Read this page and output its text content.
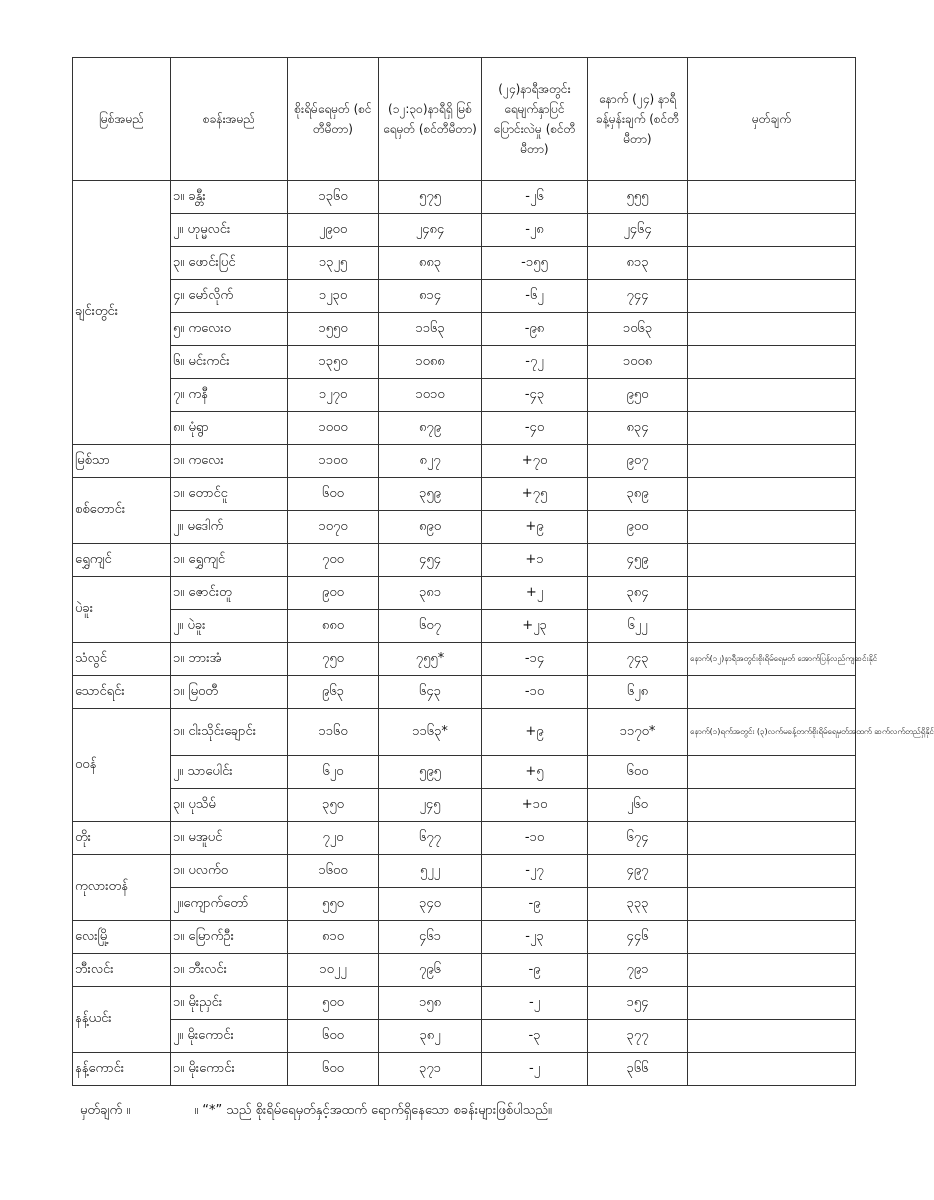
မြစ်အမည်	စခန်းအမည်	စိုးရိမ်ရေမှတ် (စင်တီမီတာ)	(၁၂:၃၀)နာရီရှိ မြစ်ရေမှတ် (စင်တီမီတာ)	(၂၄)နာရီအတွင်း ရေမျက်နှာပြင် ပြောင်းလဲမှု (စင်တီမီတာ)	နောက် (၂၄) နာရီ ခန့်မှန်းချက် (စင်တီမီတာ)	မှတ်ချက်
ချင်းတွင်း	၁။ ခန္တီး	၁၃၆၀	၅၇၅	-၂၆	၅၅၅	
၂။ ဟုမ္မလင်း	၂၉၀၀	၂၄၈၄	-၂၈	၂၄၆၄	
၃။ ဖောင်းပြင်	၁၃၂၅	၈၈၃	-၁၅၅	၈၁၃	
၄။ မော်လိုက်	၁၂၃၀	၈၁၄	-၆၂	၇၄၄	
၅။ ကလေးဝ	၁၅၅၀	၁၁၆၃	-၉၈	၁၀၆၃	
၆။ မင်းကင်း	၁၃၅၀	၁၀၈၈	-၇၂	၁၀၀၈	
၇။ ကနီ	၁၂၇၀	၁၀၁၀	-၄၃	၉၅၀	
၈။ မုံရွာ	၁၀၀၀	၈၇၉	-၄၀	၈၃၄	
မြစ်သာ	၁။ ကလေး	၁၁၀၀	၈၂၇	+၇၀	၉၀၇	
စစ်တောင်း	၁။ တောင်ငူ	၆၀၀	၃၅၉	+၇၅	၃၈၉	
၂။ မဒေါက်	၁၀၇၀	၈၉၀	+၉	၉၀၀	
ရွှေကျင်	၁။ ရွှေကျင်	၇၀၀	၄၅၄	+၁	၄၅၉	
ပဲခူး	၁။ ဇောင်းတူ	၉၀၀	၃၈၁	+၂	၃၈၄	
၂။ ပဲခူး	၈၈၀	၆၀၇	+၂၃	၆၂၂	
သံလွင်	၁။ ဘားအံ	၇၅၀	၇၅၅*	-၁၄	၇၄၃	နောက်(၁၂)နာရီအတွင်းစိုးရိမ်ရေမှတ် အောက်ပြန်လည်ကျဆင်းနိုင်
သောင်ရင်း	၁။ မြဝတီ	၉၆၃	၆၄၃	-၁၀	၆၂၈	
ဝဝန်	၁။ ငါးသိုင်းချောင်း	၁၁၆၀	၁၁၆၃*	+၉	၁၁၇၀*	နောက်(၁)ရက်အတွင်း (၃)လက်မခန့်တက်စိုးရိမ်ရေမှတ်အထက် ဆက်လက်တည်ရှိနိုင်
၂။ သာပေါင်း	၆၂၀	၅၉၅	+၅	၆၀၀	
၃။ ပုသိမ်	၃၅၀	၂၄၅	+၁၀	၂၆၀	
တိုး	၁။ မအူပင်	၇၂၀	၆၇၇	-၁၀	၆၇၄	
ကုလားတန်	၁။ ပလက်ဝ	၁၆၀၀	၅၂၂	-၂၇	၄၉၇	
၂။ကျောက်တော်	၅၅၀	၃၄၀	-၉	၃၃၃	
လေးမြို့	၁။ မြောက်ဦး	၈၁၀	၄၆၁	-၂၃	၄၄၆	
ဘီးလင်း	၁။ ဘီးလင်း	၁၀၂၂	၇၉၆	-၉	၇၉၁	
နန့်ယင်း	၁။ မိုးညှင်း	၅၀၀	၁၅၈	-၂	၁၅၄	
၂။ မိုးကောင်း	၆၀၀	၃၈၂	-၃	၃၇၇	
နန့်ကောင်း	၁။ မိုးကောင်း	၆၀၀	၃၇၁	-၂	၃၆၆	
မှတ်ချက် ။	။ “*” သည် စိုးရိမ်ရေမှတ်နှင့်အထက် ရောက်ရှိနေသော စခန်းများဖြစ်ပါသည်။
